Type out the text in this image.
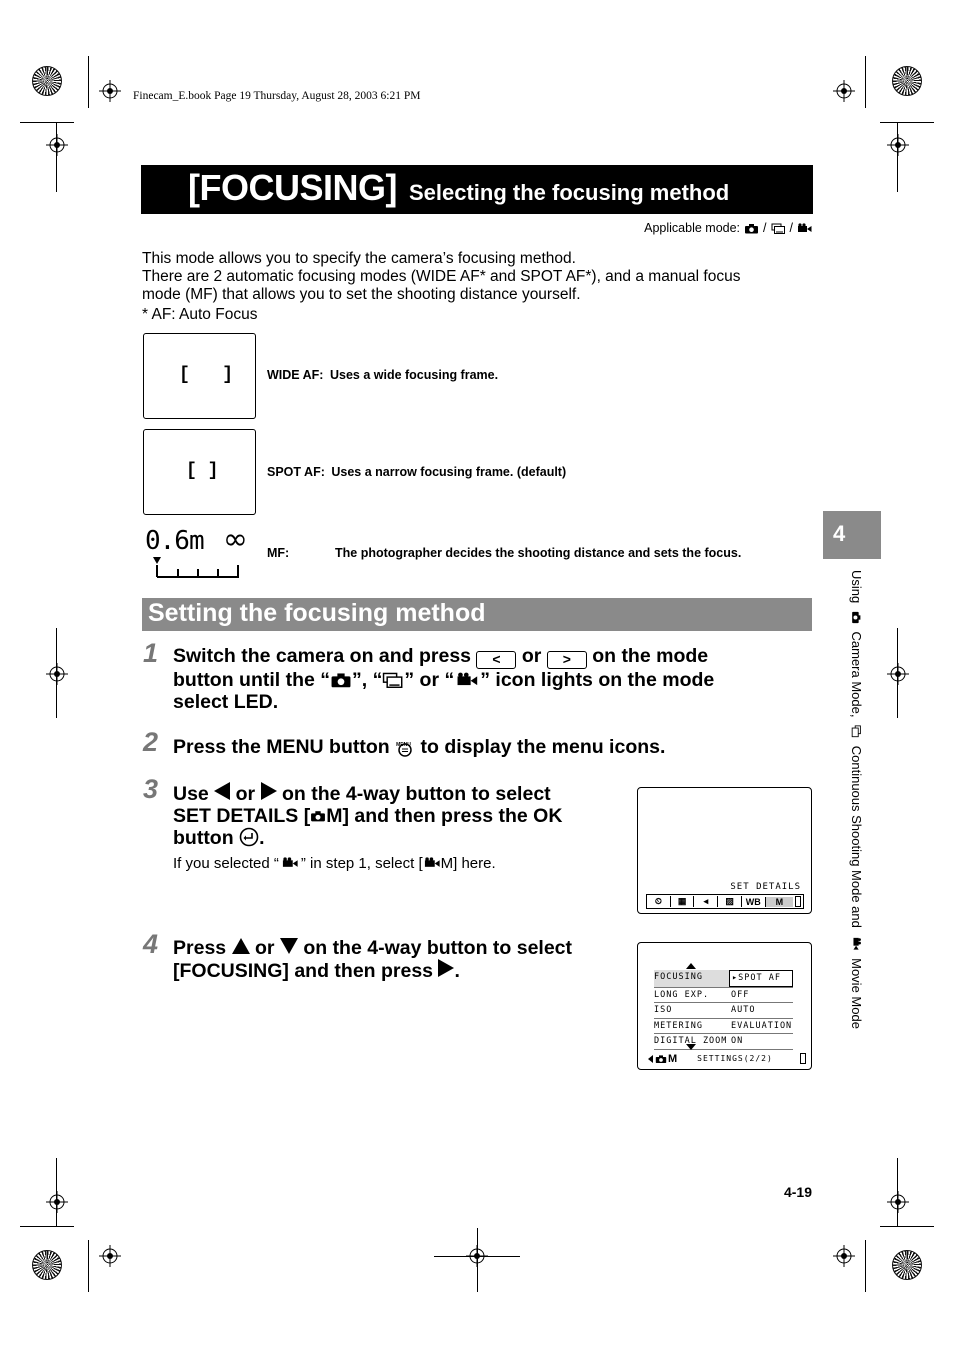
Finecam_E.book Page 19 Thursday, August 28, 2003 6:21 PM
[FOCUSING] Selecting the focusing method
Applicable mode: / /
This mode allows you to specify the camera’s focusing method.
There are 2 automatic focusing modes (WIDE AF* and SPOT AF*), and a manual focus
mode (MF) that allows you to set the shooting distance yourself.
* AF: Auto Focus
[   ]	WIDE AF: Uses a wide focusing frame.
[ ]	SPOT AF: Uses a narrow focusing frame. (default)
0.6m ∞ MF:	The photographer decides the shooting distance and sets the focus.
Setting the focusing method
1 Switch the camera on and press < or > on the mode
button until the “ ”, “ ” or “ ” icon lights on the mode
select LED.
2 Press the MENU button MENU to display the menu icons.
3 Use or on the 4-way button to select
SET DETAILS [ M] and then press the OK
button .
If you selected “ ” in step 1, select [ M] here.
SET DETAILS
⏲	▦	◂	▨	WB	M
4 Press or on the 4-way button to select
[FOCUSING] and then press .	FOCUSING	▸SPOT AF
LONG EXP.	OFF
ISO	AUTO
METERING	EVALUATION
DIGITAL ZOOM ON
M	SETTINGS(2/2)
4
Using  Camera Mode,  Continuous Shooting Mode and  Movie Mode
4-19
